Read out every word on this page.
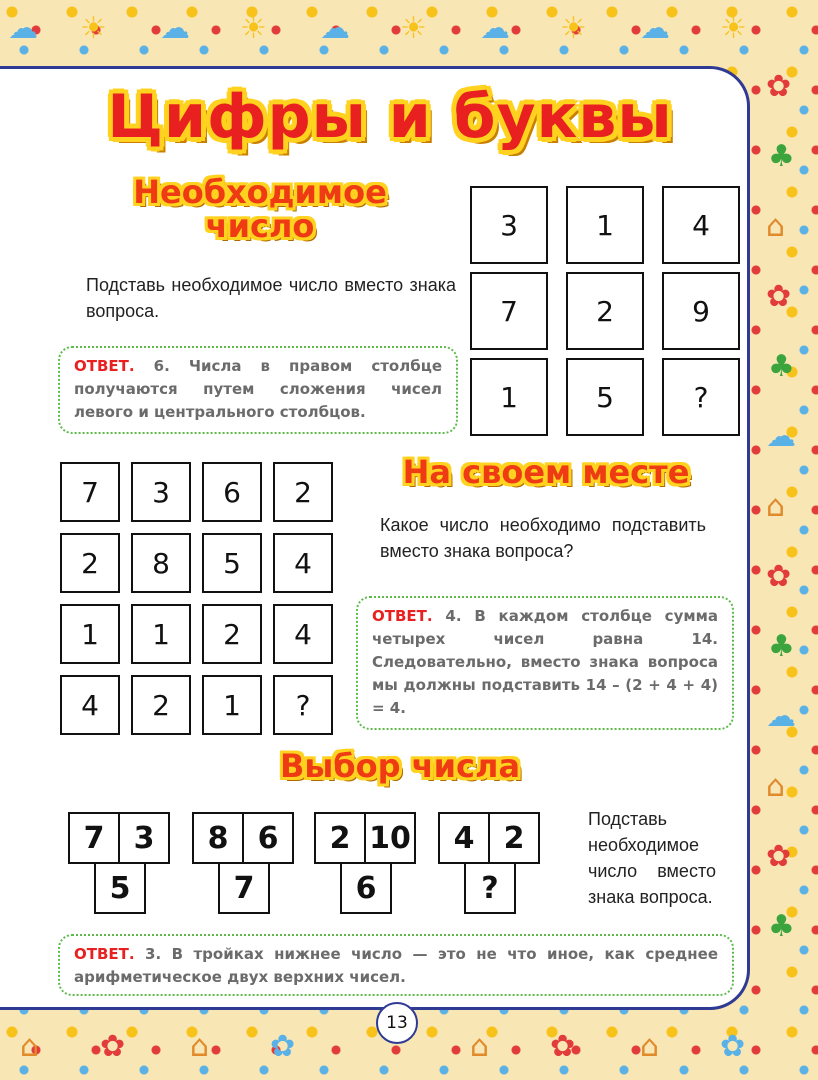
☁ ☀ ☁ ☀ ☁ ☀ ☁ ☀ ☁ ☀
✿
♣
⌂
✿
♣
☁
⌂
✿
♣
☁
⌂
✿
♣
⌂ ✿ ⌂ ✿	⌂ ✿ ⌂ ✿
Цифры и буквы
Необходимое
число
Подставь необходимое число вместо знака вопроса.
ОТВЕТ. 6. Числа в правом столбце получаются путем сложения чисел левого и центрального столбцов.
3	1	4
7	2	9
1	5	?
7	3	6	2
2	8	5	4
1	1	2	4
4	2	1	?
На своем месте
Какое число необходимо подставить вместо знака вопроса?
ОТВЕТ. 4. В каждом столбце сумма четырех чисел равна 14. Следовательно, вместо знака вопроса мы должны подставить 14 – (2 + 4 + 4) = 4.
Выбор числа
7 3
5
8 6
7
2 10
6
4 2
?
Подставь необходимое число вместо знака вопроса.
ОТВЕТ. 3. В тройках нижнее число — это не что иное, как среднее арифметическое двух верхних чисел.
13
